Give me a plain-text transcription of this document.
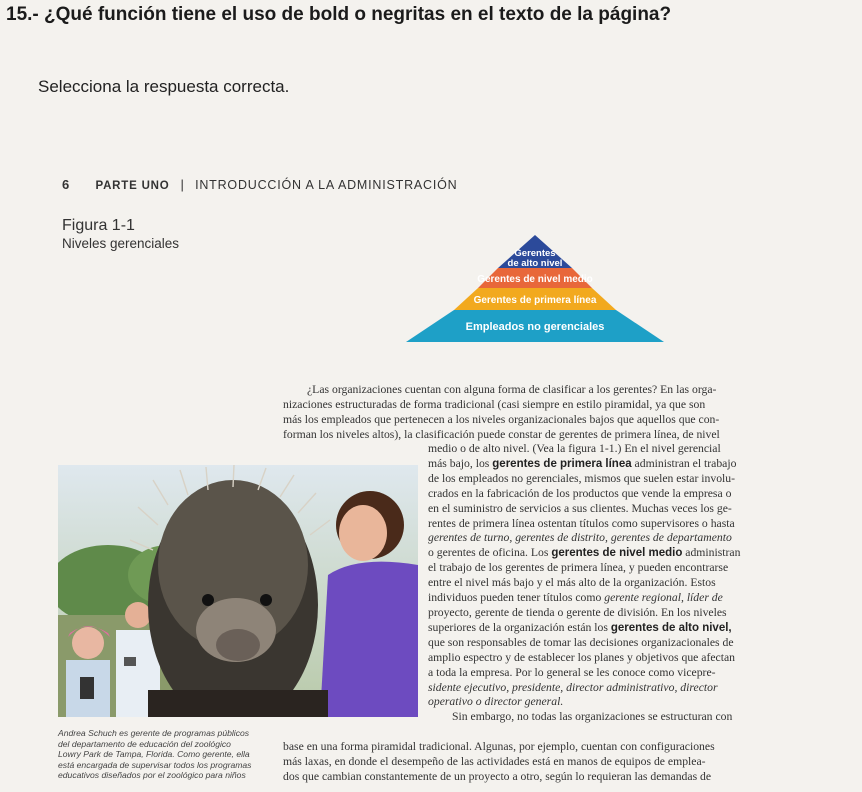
15.- ¿Qué función tiene el uso de bold o negritas en el texto de la página?
Selecciona la respuesta correcta.
6 PARTE UNO | INTRODUCCIÓN A LA ADMINISTRACIÓN
Figura 1-1
Niveles gerenciales
Gerentes
de alto nivel
Gerentes de nivel medio
Gerentes de primera línea
Empleados no gerenciales
Andrea Schuch es gerente de programas públicos
del departamento de educación del zoológico
Lowry Park de Tampa, Florida. Como gerente, ella
está encargada de supervisar todos los programas
educativos diseñados por el zoológico para niños
¿Las organizaciones cuentan con alguna forma de clasificar a los gerentes? En las orga-
nizaciones estructuradas de forma tradicional (casi siempre en estilo piramidal, ya que son
más los empleados que pertenecen a los niveles organizacionales bajos que aquellos que con-
forman los niveles altos), la clasificación puede constar de gerentes de primera línea, de nivel
medio o de alto nivel. (Vea la figura 1-1.) En el nivel gerencial
más bajo, los gerentes de primera línea administran el trabajo
de los empleados no gerenciales, mismos que suelen estar involu-
crados en la fabricación de los productos que vende la empresa o
en el suministro de servicios a sus clientes. Muchas veces los ge-
rentes de primera línea ostentan títulos como supervisores o hasta
gerentes de turno, gerentes de distrito, gerentes de departamento
o gerentes de oficina. Los gerentes de nivel medio administran
el trabajo de los gerentes de primera línea, y pueden encontrarse
entre el nivel más bajo y el más alto de la organización. Estos
individuos pueden tener títulos como gerente regional, líder de
proyecto, gerente de tienda o gerente de división. En los niveles
superiores de la organización están los gerentes de alto nivel,
que son responsables de tomar las decisiones organizacionales de
amplio espectro y de establecer los planes y objetivos que afectan
a toda la empresa. Por lo general se les conoce como vicepre-
sidente ejecutivo, presidente, director administrativo, director
operativo o director general.
Sin embargo, no todas las organizaciones se estructuran con
base en una forma piramidal tradicional. Algunas, por ejemplo, cuentan con configuraciones
más laxas, en donde el desempeño de las actividades está en manos de equipos de emplea-
dos que cambian constantemente de un proyecto a otro, según lo requieran las demandas de
